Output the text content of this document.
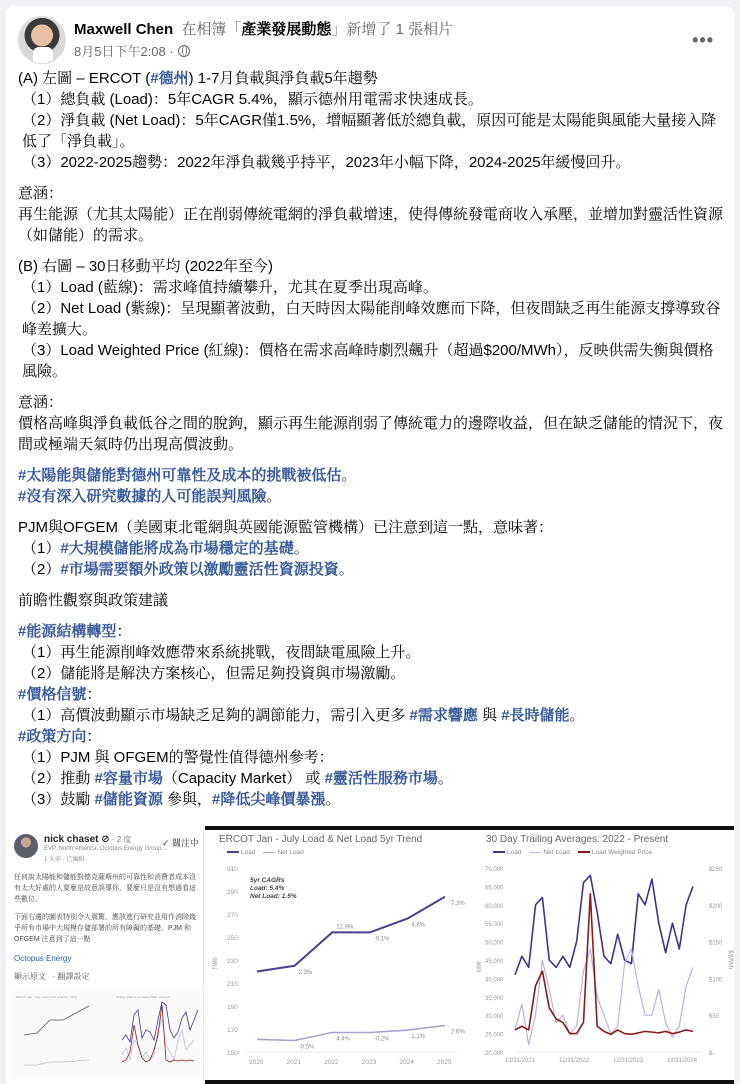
Maxwell Chen 在相簿「產業發展動態」新增了 1 張相片
8月5日下午2:08 ·
•••

(A) 左圖 – ERCOT (#德州) 1-7月負載與淨負載5年趨勢

（1）總負載 (Load)：5年CAGR 5.4%，顯示德州用電需求快速成長。

（2）淨負載 (Net Load)：5年CAGR僅1.5%，增幅顯著低於總負載，原因可能是太陽能與風能大量接入降低了「淨負載」。

（3）2022-2025趨勢：2022年淨負載幾乎持平，2023年小幅下降，2024-2025年緩慢回升。

意涵：

再生能源（尤其太陽能）正在削弱傳統電網的淨負載增速，使得傳統發電商收入承壓，並增加對靈活性資源（如儲能）的需求。

(B) 右圖 – 30日移動平均 (2022年至今)

（1）Load (藍線)：需求峰值持續攀升，尤其在夏季出現高峰。

（2）Net Load (紫線)：呈現顯著波動，白天時因太陽能削峰效應而下降，但夜間缺乏再生能源支撐導致谷峰差擴大。

（3）Load Weighted Price (紅線)：價格在需求高峰時劇烈飆升（超過$200/MWh），反映供需失衡與價格風險。

意涵：

價格高峰與淨負載低谷之間的脫鉤，顯示再生能源削弱了傳統電力的邊際收益，但在缺乏儲能的情況下，夜間或極端天氣時仍出現高價波動。

#太陽能與儲能對德州可靠性及成本的挑戰被低估。

#沒有深入研究數據的人可能誤判風險。

PJM與OFGEM（美國東北電網與英國能源監管機構）已注意到這一點，意味著：

（1）#大規模儲能將成為市場穩定的基礎。

（2）#市場需要額外政策以激勵靈活性資源投資。

前瞻性觀察與政策建議

#能源結構轉型：

（1）再生能源削峰效應帶來系統挑戰，夜間缺電風險上升。

（2）儲能將是解決方案核心，但需足夠投資與市場激勵。

#價格信號：

（1）高價波動顯示市場缺乏足夠的調節能力，需引入更多 #需求響應 與 #長時儲能。

#政策方向：

（1）PJM 與 OFGEM的警覺性值得德州參考：

（2）推動 #容量市場（Capacity Market） 或 #靈活性服務市場。

（3）鼓勵 #儲能資源 參與，#降低尖峰價暴漲。

nick chaset ⊘ · 2 度
EVP, North America, Octopus Energy Group...
1 天前 · 已編輯 ·
✓ 關注中

任何說太陽能和儲能對德克薩斯州的可靠性和消費者成本沒有太大好處的人要麼是故意誤導你，要麼只是沒有想過看這些數位。

下面右邊的圖表特別令人震驚，應該進行研究並用作消除幾乎所有市場中大規模存儲部署的所有障礙的基礎。PJM 和 OFGEM 注意到了這一點

Octopus Energy
顯示原文 · 翻譯設定
ERCOT Jan - July Load & Net Load 5yr Trend	30 Day Trailing Averages 2022 - Present
ERCOT Jan - July Load & Net Load 5yr Trend
Load	Net Load
150
170
190
210
230
250
270
290
310
2020	2021	2022	2023	2024	2025
TWh
5yr CAGRs
Load: 5.4%
Net Load: 1.5%
2.3%
12.9%
-0.1%
4.8%
7.3%
-0.5%
4.4%	-0.2%	1.1%
2.6%
30 Day Trailing Averages: 2022 - Present
Load	Net Load	Load Weighted Price
20,000
25,000
30,000
35,000
40,000
45,000
50,000
55,000
60,000
65,000
70,000
$-
$50
$100
$150
$200
$250
12/31/2021	12/31/2022	12/31/2023	12/31/2024
MW	$/MWh
